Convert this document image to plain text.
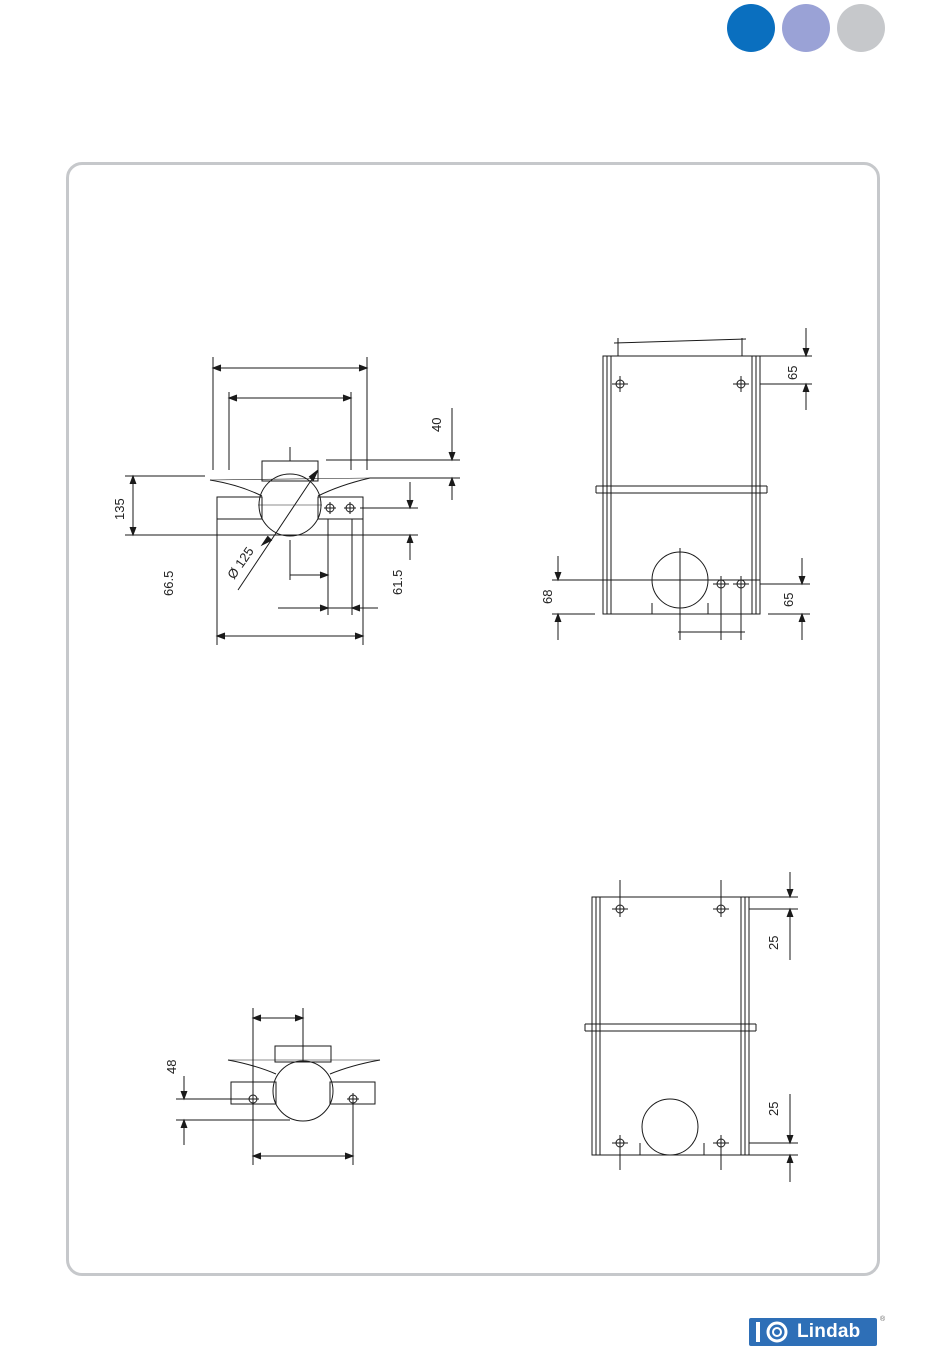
40
135
Ø 125
66.5	61.5
65
68	65
48
25
25
Lindab
®
